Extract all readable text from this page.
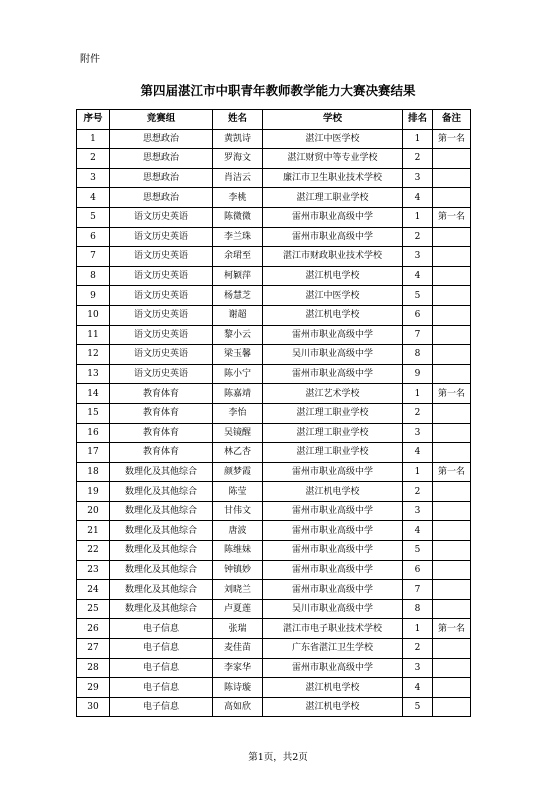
附件
第四届湛江市中职青年教师教学能力大赛决赛结果
序号	竞赛组	姓名	学校	排名	备注
1	思想政治	黄凯诗	湛江中医学校	1	第一名
2	思想政治	罗海文	湛江财贸中等专业学校	2	
3	思想政治	肖洁云	廉江市卫生职业技术学校	3	
4	思想政治	李桃	湛江理工职业学校	4	
5	语文历史英语	陈微微	雷州市职业高级中学	1	第一名
6	语文历史英语	李兰珠	雷州市职业高级中学	2	
7	语文历史英语	余珺至	湛江市财政职业技术学校	3	
8	语文历史英语	柯颖萍	湛江机电学校	4	
9	语文历史英语	杨慧芝	湛江中医学校	5	
10	语文历史英语	谢超	湛江机电学校	6	
11	语文历史英语	黎小云	雷州市职业高级中学	7	
12	语文历史英语	梁玉馨	吴川市职业高级中学	8	
13	语文历史英语	陈小宁	雷州市职业高级中学	9	
14	教育体育	陈嘉靖	湛江艺术学校	1	第一名
15	教育体育	李怡	湛江理工职业学校	2	
16	教育体育	吴镜醒	湛江理工职业学校	3	
17	教育体育	林乙杏	湛江理工职业学校	4	
18	数理化及其他综合	颜梦霞	雷州市职业高级中学	1	第一名
19	数理化及其他综合	陈莹	湛江机电学校	2	
20	数理化及其他综合	甘伟文	雷州市职业高级中学	3	
21	数理化及其他综合	唐波	雷州市职业高级中学	4	
22	数理化及其他综合	陈维妹	雷州市职业高级中学	5	
23	数理化及其他综合	钟镇妙	雷州市职业高级中学	6	
24	数理化及其他综合	刘晓兰	雷州市职业高级中学	7	
25	数理化及其他综合	卢夏莲	吴川市职业高级中学	8	
26	电子信息	张瑞	湛江市电子职业技术学校	1	第一名
27	电子信息	麦佳苗	广东省湛江卫生学校	2	
28	电子信息	李家华	雷州市职业高级中学	3	
29	电子信息	陈诗璇	湛江机电学校	4	
30	电子信息	高如欣	湛江机电学校	5	
第1页，共2页
